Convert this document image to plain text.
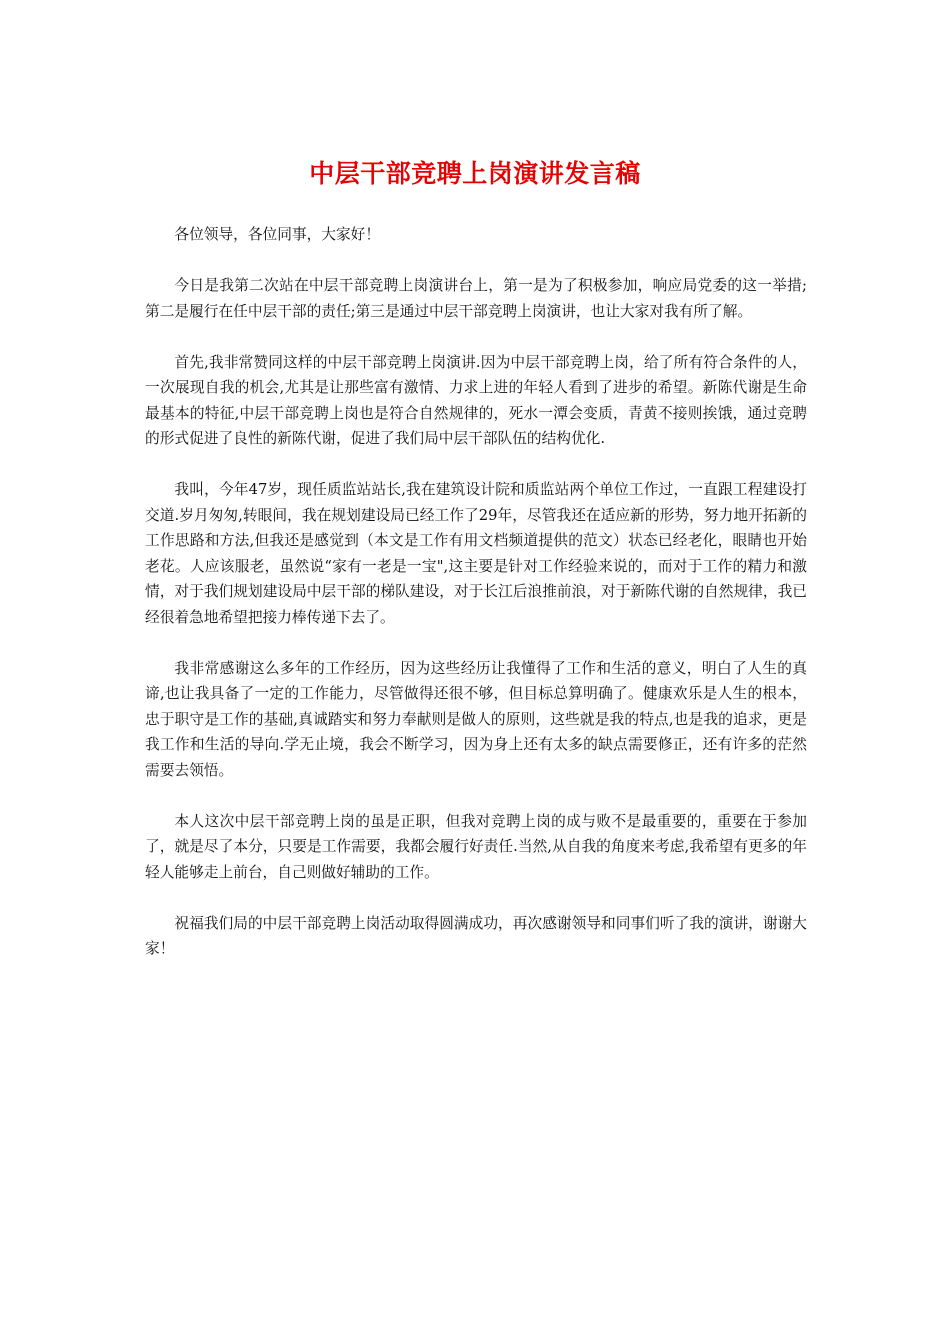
中层干部竞聘上岗演讲发言稿

各位领导，各位同事，大家好！

今日是我第二次站在中层干部竞聘上岗演讲台上，第一是为了积极参加，响应局党委的这一举措;第二是履行在任中层干部的责任;第三是通过中层干部竞聘上岗演讲，也让大家对我有所了解。

首先,我非常赞同这样的中层干部竞聘上岗演讲.因为中层干部竞聘上岗，给了所有符合条件的人，一次展现自我的机会,尤其是让那些富有激情、力求上进的年轻人看到了进步的希望。新陈代谢是生命最基本的特征,中层干部竞聘上岗也是符合自然规律的，死水一潭会变质，青黄不接则挨饿，通过竞聘的形式促进了良性的新陈代谢，促进了我们局中层干部队伍的结构优化.

我叫，今年47岁，现任质监站站长,我在建筑设计院和质监站两个单位工作过，一直跟工程建设打交道.岁月匆匆,转眼间，我在规划建设局已经工作了29年，尽管我还在适应新的形势，努力地开拓新的工作思路和方法,但我还是感觉到（本文是工作有用文档频道提供的范文）状态已经老化，眼睛也开始老花。人应该服老，虽然说“家有一老是一宝",这主要是针对工作经验来说的，而对于工作的精力和激情，对于我们规划建设局中层干部的梯队建设，对于长江后浪推前浪，对于新陈代谢的自然规律，我已经很着急地希望把接力棒传递下去了。

我非常感谢这么多年的工作经历，因为这些经历让我懂得了工作和生活的意义，明白了人生的真谛,也让我具备了一定的工作能力，尽管做得还很不够，但目标总算明确了。健康欢乐是人生的根本，忠于职守是工作的基础,真诚踏实和努力奉献则是做人的原则，这些就是我的特点,也是我的追求，更是我工作和生活的导向.学无止境，我会不断学习，因为身上还有太多的缺点需要修正，还有许多的茫然需要去领悟。

本人这次中层干部竞聘上岗的虽是正职，但我对竞聘上岗的成与败不是最重要的，重要在于参加了，就是尽了本分，只要是工作需要，我都会履行好责任.当然,从自我的角度来考虑,我希望有更多的年轻人能够走上前台，自己则做好辅助的工作。

祝福我们局的中层干部竞聘上岗活动取得圆满成功，再次感谢领导和同事们听了我的演讲，谢谢大家！
